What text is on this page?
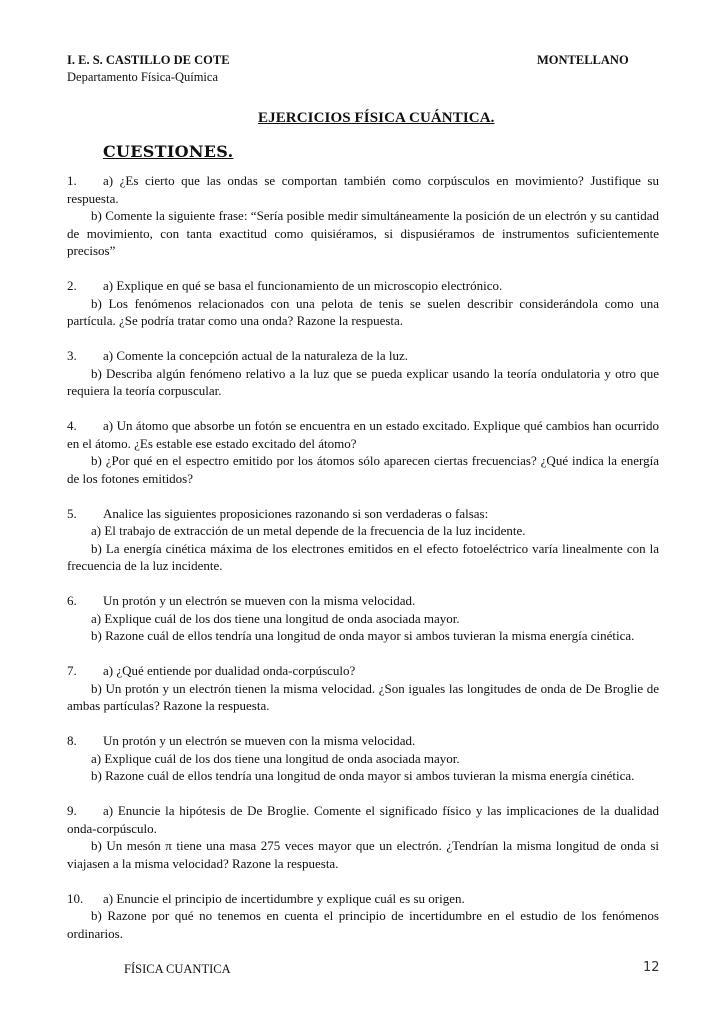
I. E. S. CASTILLO DE COTE
Departamento Física-Química
MONTELLANO
EJERCICIOS FÍSICA CUÁNTICA.
CUESTIONES.

1. a) ¿Es cierto que las ondas se comportan también como corpúsculos en movimiento? Justifique su respuesta.

b) Comente la siguiente frase: “Sería posible medir simultáneamente la posición de un electrón y su cantidad de movimiento, con tanta exactitud como quisiéramos, si dispusiéramos de instrumentos suficientemente precisos”

2. a) Explique en qué se basa el funcionamiento de un microscopio electrónico.

b) Los fenómenos relacionados con una pelota de tenis se suelen describir considerándola como una partícula. ¿Se podría tratar como una onda? Razone la respuesta.

3. a) Comente la concepción actual de la naturaleza de la luz.

b) Describa algún fenómeno relativo a la luz que se pueda explicar usando la teoría ondulatoria y otro que requiera la teoría corpuscular.

4. a) Un átomo que absorbe un fotón se encuentra en un estado excitado. Explique qué cambios han ocurrido en el átomo. ¿Es estable ese estado excitado del átomo?

b) ¿Por qué en el espectro emitido por los átomos sólo aparecen ciertas frecuencias? ¿Qué indica la energía de los fotones emitidos?

5. Analice las siguientes proposiciones razonando si son verdaderas o falsas:

a) El trabajo de extracción de un metal depende de la frecuencia de la luz incidente.

b) La energía cinética máxima de los electrones emitidos en el efecto fotoeléctrico varía linealmente con la frecuencia de la luz incidente.

6. Un protón y un electrón se mueven con la misma velocidad.

a) Explique cuál de los dos tiene una longitud de onda asociada mayor.

b) Razone cuál de ellos tendría una longitud de onda mayor si ambos tuvieran la misma energía cinética.

7. a) ¿Qué entiende por dualidad onda-corpúsculo?

b) Un protón y un electrón tienen la misma velocidad. ¿Son iguales las longitudes de onda de De Broglie de ambas partículas? Razone la respuesta.

8. Un protón y un electrón se mueven con la misma velocidad.

a) Explique cuál de los dos tiene una longitud de onda asociada mayor.

b) Razone cuál de ellos tendría una longitud de onda mayor si ambos tuvieran la misma energía cinética.

9. a) Enuncie la hipótesis de De Broglie. Comente el significado físico y las implicaciones de la dualidad onda-corpúsculo.

b) Un mesón π tiene una masa 275 veces mayor que un electrón. ¿Tendrían la misma longitud de onda si viajasen a la misma velocidad? Razone la respuesta.

10. a) Enuncie el principio de incertidumbre y explique cuál es su origen.

b) Razone por qué no tenemos en cuenta el principio de incertidumbre en el estudio de los fenómenos ordinarios.

FÍSICA CUANTICA	12
